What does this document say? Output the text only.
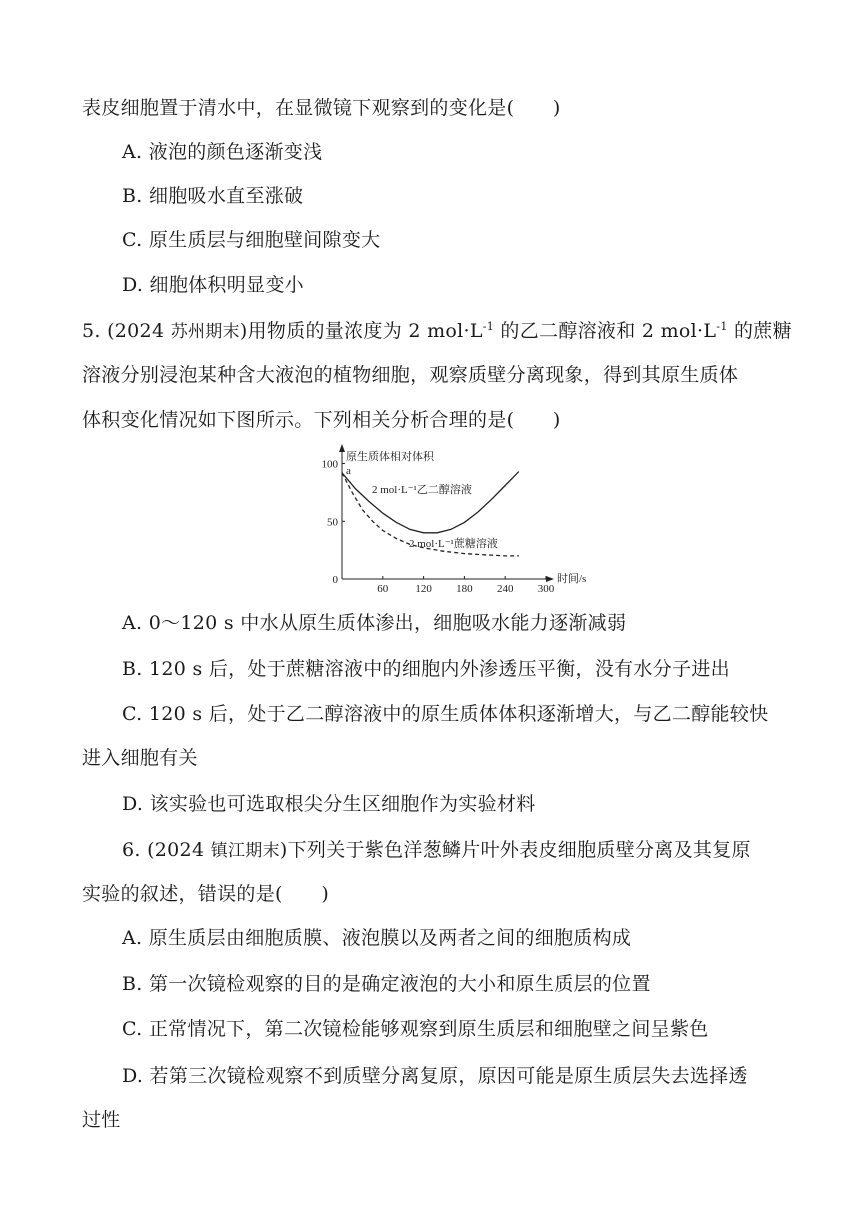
表皮细胞置于清水中，在显微镜下观察到的变化是(　　)
A. 液泡的颜色逐渐变浅
B. 细胞吸水直至涨破
C. 原生质层与细胞壁间隙变大
D. 细胞体积明显变小
5. (2024 苏州期末)用物质的量浓度为 2 $mol\cdot L^{-1}$ 的乙二醇溶液和 2 $mol\cdot L^{-1}$ 的蔗糖
溶液分别浸泡某种含大液泡的植物细胞，观察质壁分离现象，得到其原生质体
体积变化情况如下图所示。下列相关分析合理的是(　　)
60 120 180 240 300
0
50
100
原生质体相对体积
时间/s
a
2 mol·L⁻¹乙二醇溶液
2 mol·L⁻¹蔗糖溶液
A. 0～120 s 中水从原生质体渗出，细胞吸水能力逐渐减弱
B. 120 s 后，处于蔗糖溶液中的细胞内外渗透压平衡，没有水分子进出
C. 120 s 后，处于乙二醇溶液中的原生质体体积逐渐增大，与乙二醇能较快
进入细胞有关
D. 该实验也可选取根尖分生区细胞作为实验材料
6. (2024 镇江期末)下列关于紫色洋葱鳞片叶外表皮细胞质壁分离及其复原
实验的叙述，错误的是(　　)
A. 原生质层由细胞质膜、液泡膜以及两者之间的细胞质构成
B. 第一次镜检观察的目的是确定液泡的大小和原生质层的位置
C. 正常情况下，第二次镜检能够观察到原生质层和细胞壁之间呈紫色
D. 若第三次镜检观察不到质壁分离复原，原因可能是原生质层失去选择透
过性
